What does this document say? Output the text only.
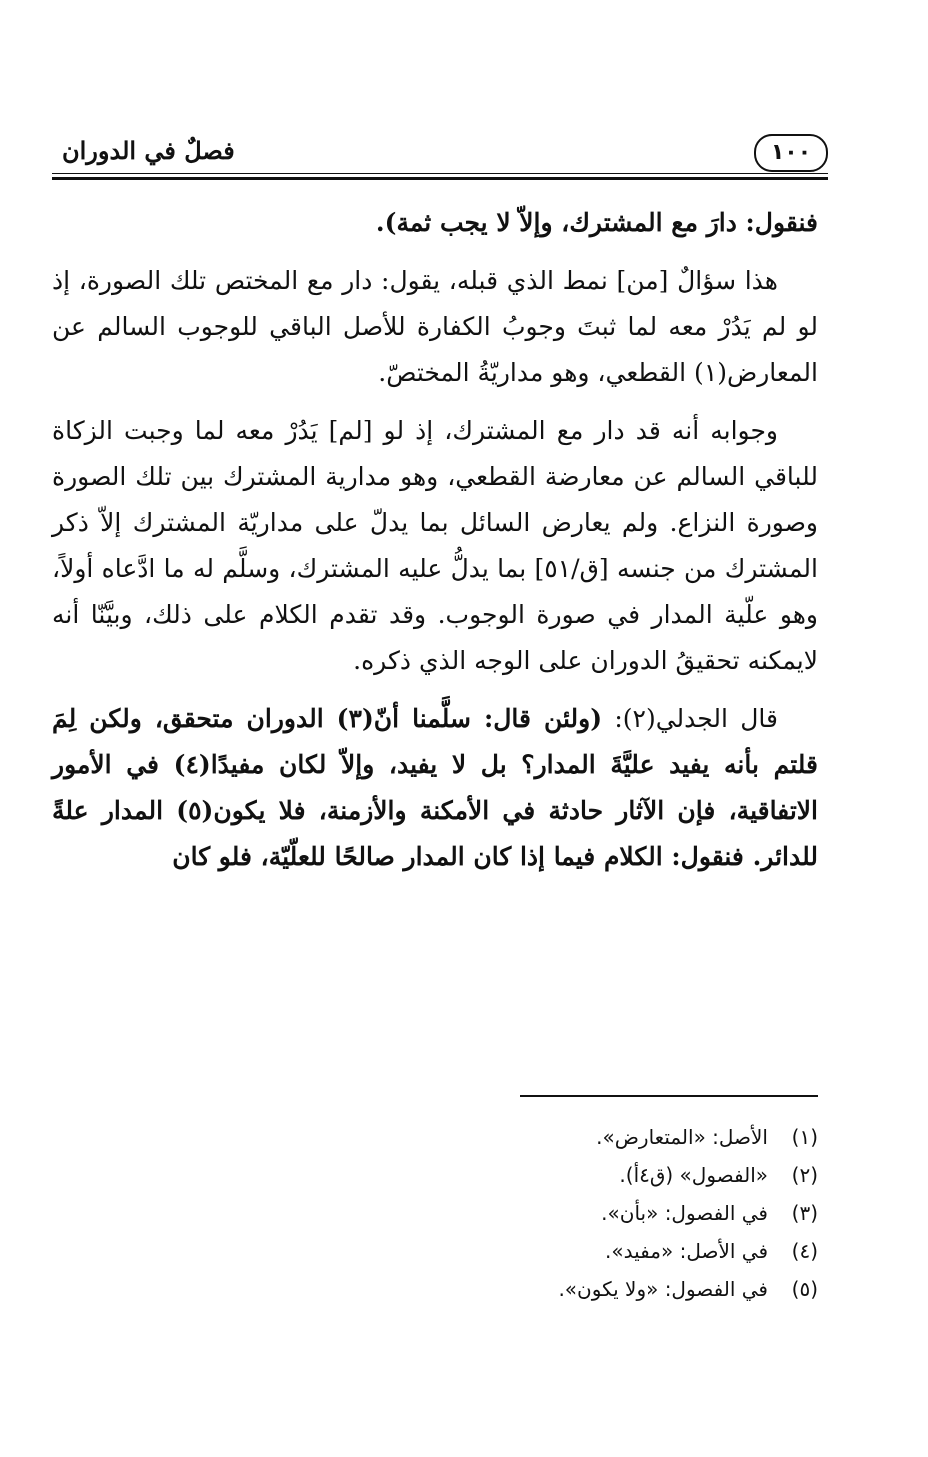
١٠٠
فصلٌ في الدوران

فنقول: دارَ مع المشترك، وإلاّ لا يجب ثمة).

هذا سؤالٌ [من] نمط الذي قبله، يقول: دار مع المختص تلك الصورة، إذ لو لم يَدُرْ معه لما ثبتَ وجوبُ الكفارة للأصل الباقي للوجوب السالم عن المعارض(١) القطعي، وهو مداريّةُ المختصّ.

وجوابه أنه قد دار مع المشترك، إذ لو [لم] يَدُرْ معه لما وجبت الزكاة للباقي السالم عن معارضة القطعي، وهو مدارية المشترك بين تلك الصورة وصورة النزاع. ولم يعارض السائل بما يدلّ على مداريّة المشترك إلاّ ذكر المشترك من جنسه [ق/٥١] بما يدلُّ عليه المشترك، وسلَّم له ما ادَّعاه أولاً، وهو علّية المدار في صورة الوجوب. وقد تقدم الكلام على ذلك، وبيَّنّا أنه لايمكنه تحقيقُ الدوران على الوجه الذي ذكره.

قال الجدلي(٢): (ولئن قال: سلَّمنا أنّ(٣) الدوران متحقق، ولكن لِمَ قلتم بأنه يفيد عليَّةَ المدار؟ بل لا يفيد، وإلاّ لكان مفيدًا(٤) في الأمور الاتفاقية، فإن الآثار حادثة في الأمكنة والأزمنة، فلا يكون(٥) المدار علةً للدائر. فنقول: الكلام فيما إذا كان المدار صالحًا للعلّيّة، فلو كان

(١)
الأصل: «المتعارض».
(٢)
«الفصول» (ق٤أ).
(٣)
في الفصول: «بأن».
(٤)
في الأصل: «مفيد».
(٥)
في الفصول: «ولا يكون».
